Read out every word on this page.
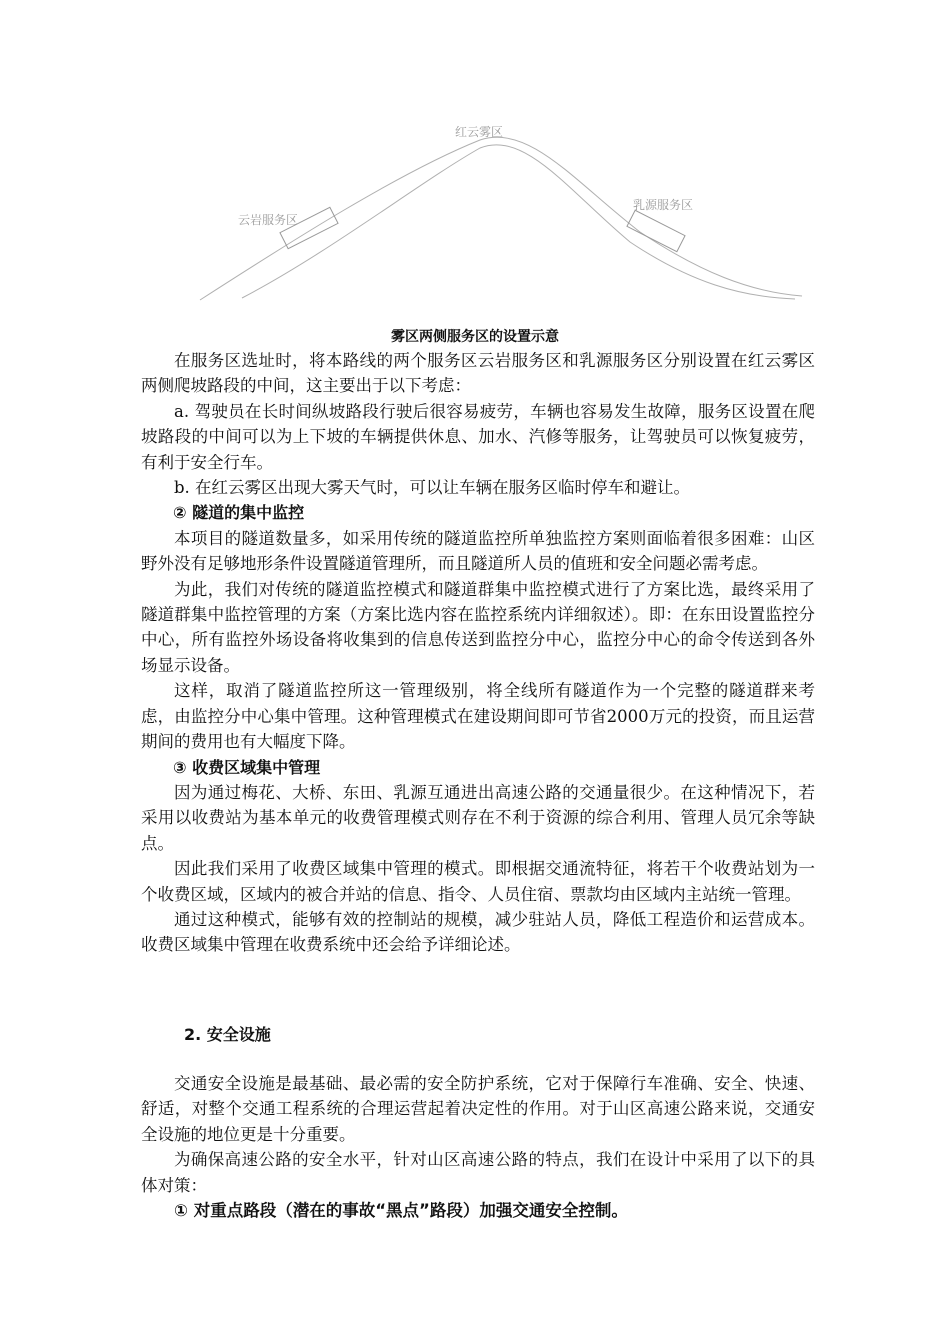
红云雾区
云岩服务区
乳源服务区
雾区两侧服务区的设置示意

在服务区选址时，将本路线的两个服务区云岩服务区和乳源服务区分别设置在红云雾区两侧爬坡路段的中间，这主要出于以下考虑：

a. 驾驶员在长时间纵坡路段行驶后很容易疲劳，车辆也容易发生故障，服务区设置在爬坡路段的中间可以为上下坡的车辆提供休息、加水、汽修等服务，让驾驶员可以恢复疲劳，有利于安全行车。

b. 在红云雾区出现大雾天气时，可以让车辆在服务区临时停车和避让。

② 隧道的集中监控

本项目的隧道数量多，如采用传统的隧道监控所单独监控方案则面临着很多困难：山区野外没有足够地形条件设置隧道管理所，而且隧道所人员的值班和安全问题必需考虑。

为此，我们对传统的隧道监控模式和隧道群集中监控模式进行了方案比选，最终采用了隧道群集中监控管理的方案（方案比选内容在监控系统内详细叙述）。即：在东田设置监控分中心，所有监控外场设备将收集到的信息传送到监控分中心，监控分中心的命令传送到各外场显示设备。

这样，取消了隧道监控所这一管理级别，将全线所有隧道作为一个完整的隧道群来考虑，由监控分中心集中管理。这种管理模式在建设期间即可节省2000万元的投资，而且运营期间的费用也有大幅度下降。

③ 收费区域集中管理

因为通过梅花、大桥、东田、乳源互通进出高速公路的交通量很少。在这种情况下，若采用以收费站为基本单元的收费管理模式则存在不利于资源的综合利用、管理人员冗余等缺点。

因此我们采用了收费区域集中管理的模式。即根据交通流特征，将若干个收费站划为一个收费区域，区域内的被合并站的信息、指令、人员住宿、票款均由区域内主站统一管理。

通过这种模式，能够有效的控制站的规模，减少驻站人员，降低工程造价和运营成本。收费区域集中管理在收费系统中还会给予详细论述。

2. 安全设施

交通安全设施是最基础、最必需的安全防护系统，它对于保障行车准确、安全、快速、舒适，对整个交通工程系统的合理运营起着决定性的作用。对于山区高速公路来说，交通安全设施的地位更是十分重要。

为确保高速公路的安全水平，针对山区高速公路的特点，我们在设计中采用了以下的具体对策：

① 对重点路段（潜在的事故“黑点”路段）加强交通安全控制。
